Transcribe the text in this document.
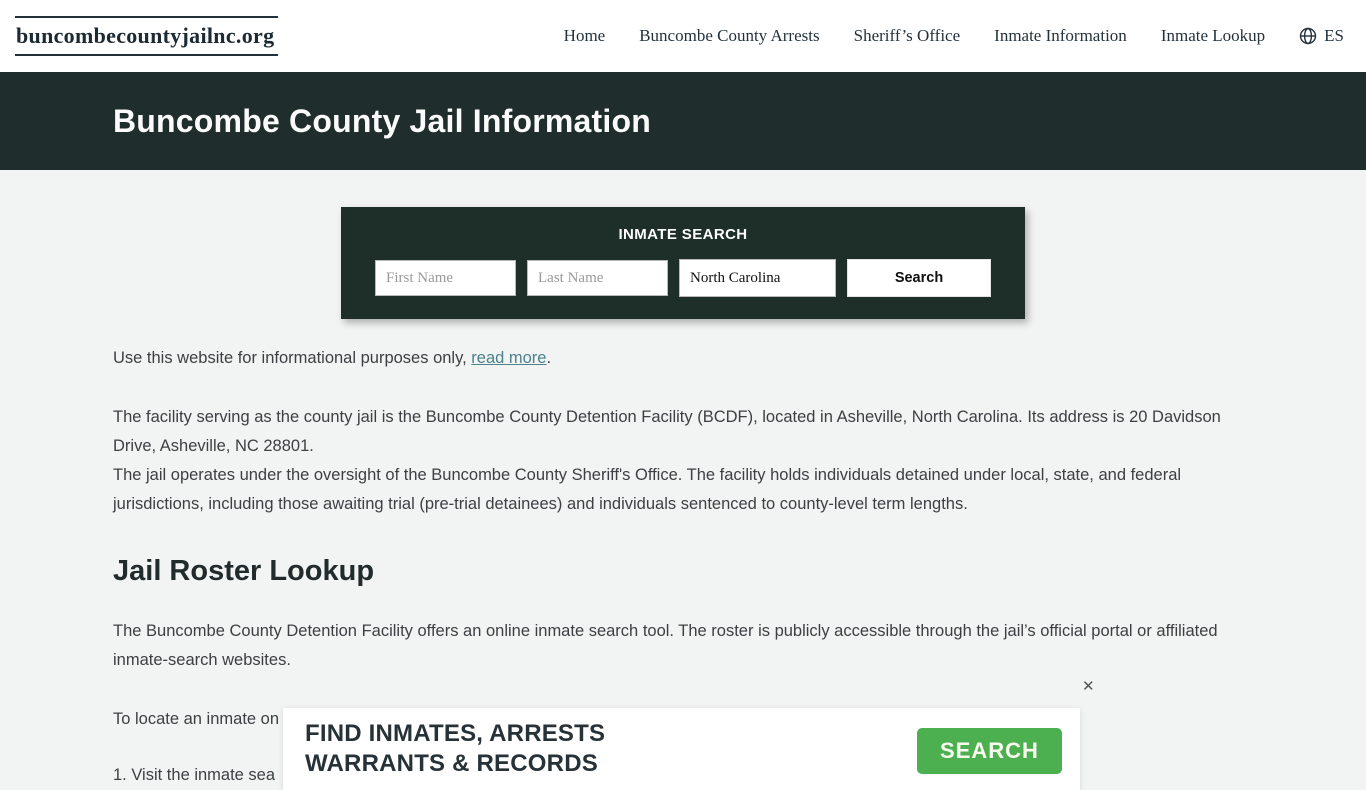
buncombecountyjailnc.org	Home Buncombe County Arrests Sheriff’s Office Inmate Information Inmate Lookup	ES
Buncombe County Jail Information
INMATE SEARCH
First Name
Last Name
North Carolina
Search

Use this website for informational purposes only, read more.

The facility serving as the county jail is the Buncombe County Detention Facility (BCDF), located in Asheville, North Carolina. Its address is 20 Davidson Drive, Asheville, NC 28801.

The jail operates under the oversight of the Buncombe County Sheriff's Office. The facility holds individuals detained under local, state, and federal jurisdictions, including those awaiting trial (pre-trial detainees) and individuals sentenced to county-level term lengths.

Jail Roster Lookup

The Buncombe County Detention Facility offers an online inmate search tool. The roster is publicly accessible through the jail’s official portal or affiliated inmate-search websites.

To locate an inmate on

1. Visit the inmate sea

FIND INMATES, ARRESTS
WARRANTS & RECORDS	SEARCH
✕
